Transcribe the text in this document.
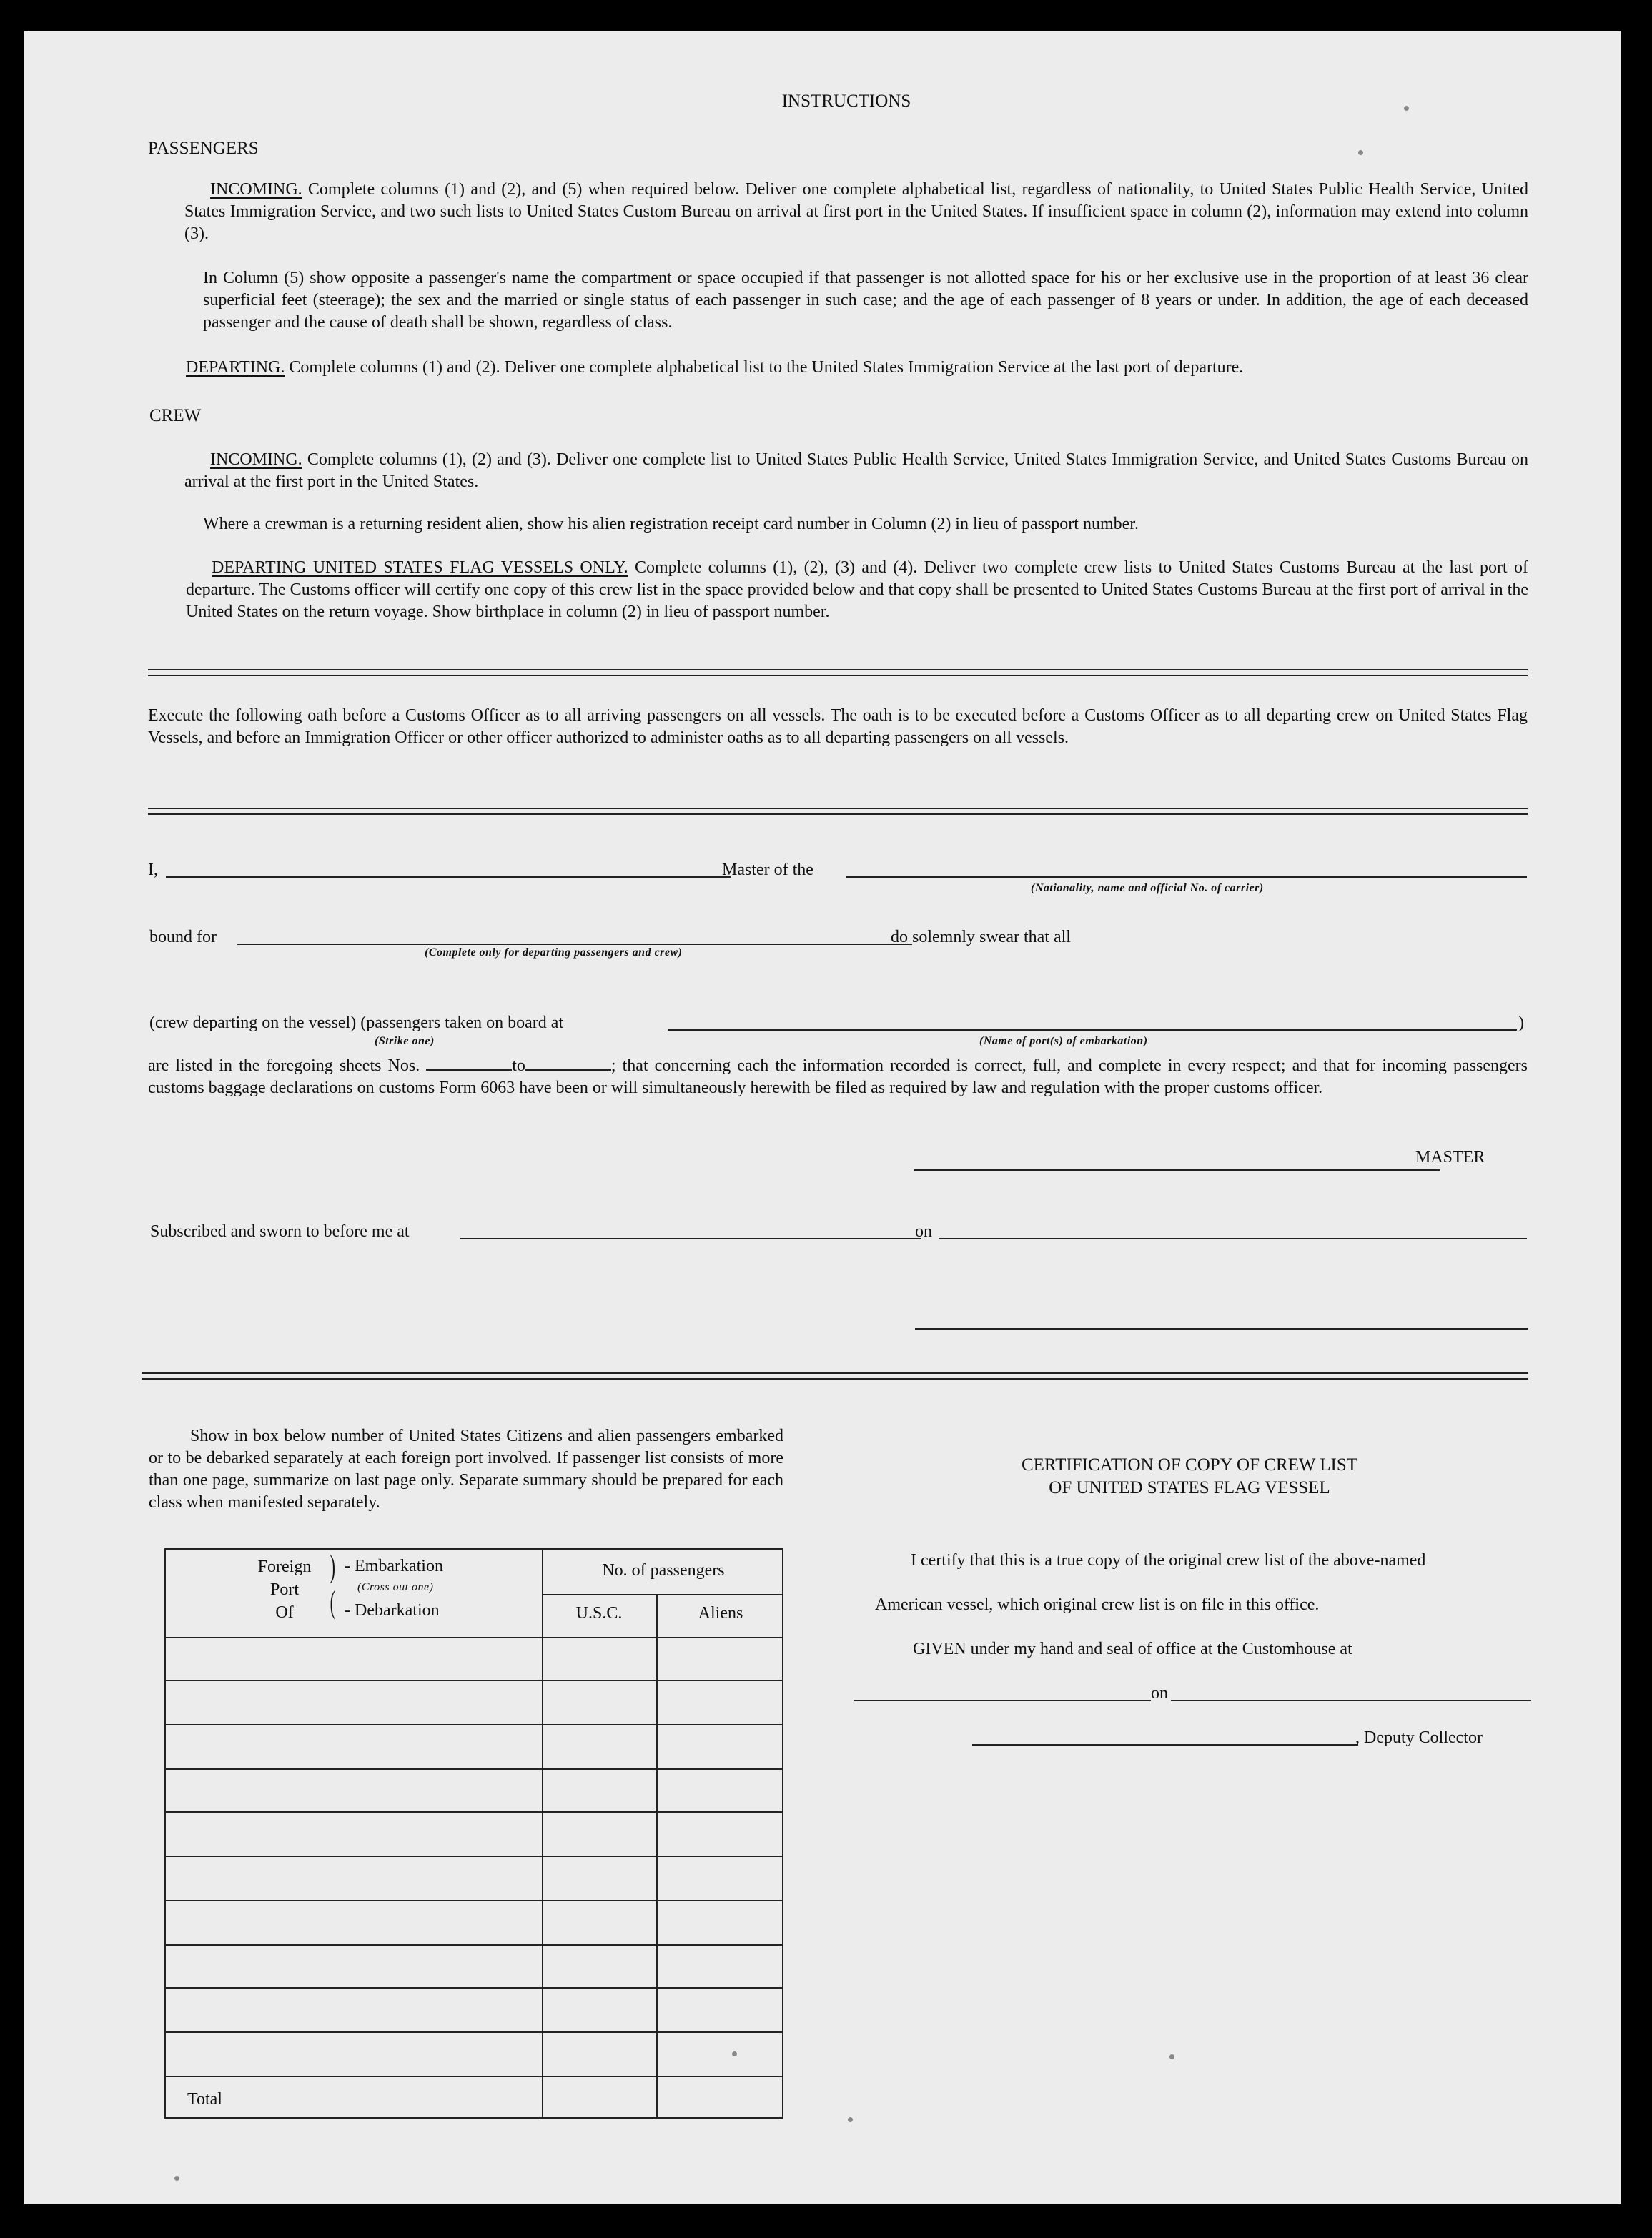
INSTRUCTIONS
PASSENGERS
INCOMING. Complete columns (1) and (2), and (5) when required below. Deliver one complete alphabetical list, regardless of nationality, to United States Public Health Service, United States Immigration Service, and two such lists to United States Custom Bureau on arrival at first port in the United States. If insufficient space in column (2), information may extend into column (3).
In Column (5) show opposite a passenger's name the compartment or space occupied if that passenger is not allotted space for his or her exclusive use in the proportion of at least 36 clear superficial feet (steerage); the sex and the married or single status of each passenger in such case; and the age of each passenger of 8 years or under. In addition, the age of each deceased passenger and the cause of death shall be shown, regardless of class.
DEPARTING. Complete columns (1) and (2). Deliver one complete alphabetical list to the United States Immigration Service at the last port of departure.
CREW
INCOMING. Complete columns (1), (2) and (3). Deliver one complete list to United States Public Health Service, United States Immigration Service, and United States Customs Bureau on arrival at the first port in the United States.
Where a crewman is a returning resident alien, show his alien registration receipt card number in Column (2) in lieu of passport number.
DEPARTING UNITED STATES FLAG VESSELS ONLY. Complete columns (1), (2), (3) and (4). Deliver two complete crew lists to United States Customs Bureau at the last port of departure. The Customs officer will certify one copy of this crew list in the space provided below and that copy shall be presented to United States Customs Bureau at the first port of arrival in the United States on the return voyage. Show birthplace in column (2) in lieu of passport number.
Execute the following oath before a Customs Officer as to all arriving passengers on all vessels. The oath is to be executed before a Customs Officer as to all departing crew on United States Flag Vessels, and before an Immigration Officer or other officer authorized to administer oaths as to all departing passengers on all vessels.
I,	Master of the
(Nationality, name and official No. of carrier)
bound for	do solemnly swear that all
(Complete only for departing passengers and crew)
(crew departing on the vessel) (passengers taken on board at	)
(Strike one)	(Name of port(s) of embarkation)
are listed in the foregoing sheets Nos.	to	; that concerning each the information recorded is correct, full, and complete in every respect; and that for incoming passengers customs baggage declarations on customs Form 6063 have been or will simultaneously herewith be filed as required by law and regulation with the proper customs officer.
MASTER
Subscribed and sworn to before me at	on
Show in box below number of United States Citizens and alien passengers embarked or to be debarked separately at each foreign port involved. If passenger list consists of more than one page, summarize on last page only. Separate summary should be prepared for each class when manifested separately.
Foreign
Port
Of
)
(
- Embarkation
(Cross out one)
- Debarkation
No. of passengers
U.S.C.	Aliens
Total
CERTIFICATION OF COPY OF CREW LIST
OF UNITED STATES FLAG VESSEL
I certify that this is a true copy of the original crew list of the above-named
American vessel, which original crew list is on file in this office.
GIVEN under my hand and seal of office at the Customhouse at
on
, Deputy Collector
